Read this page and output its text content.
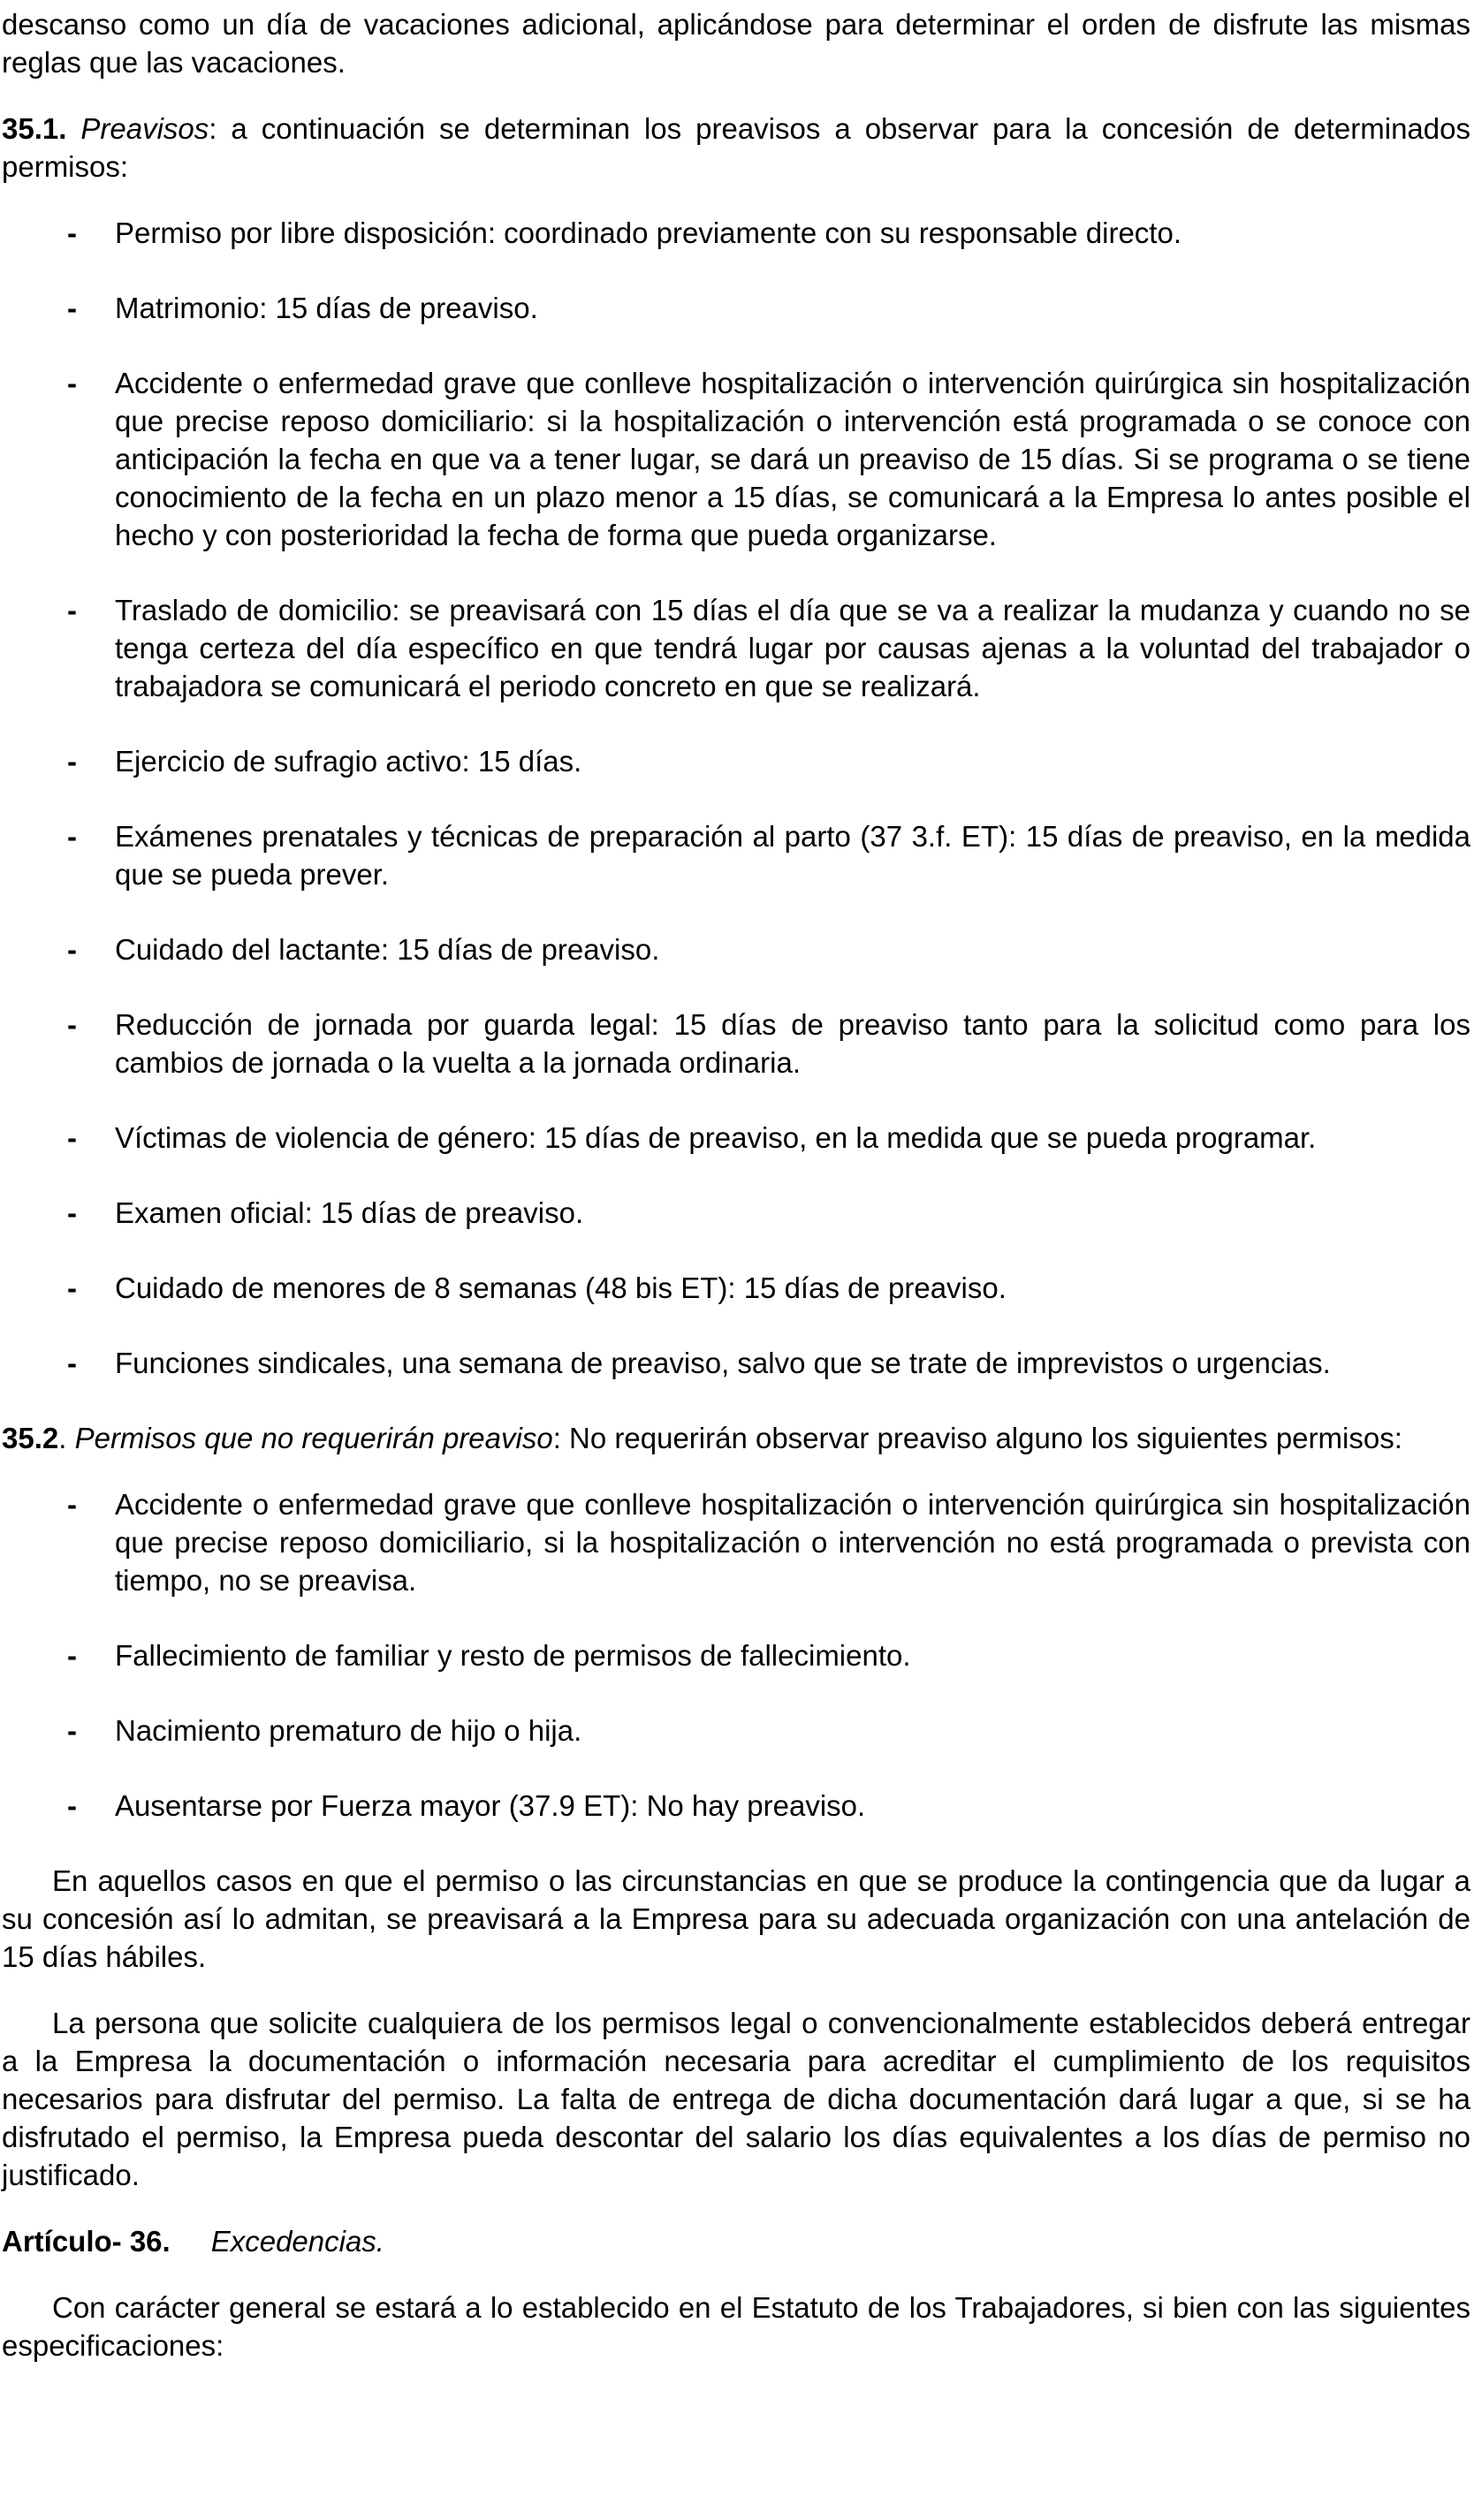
descanso como un día de vacaciones adicional, aplicándose para determinar el orden de disfrute las mismas reglas que las vacaciones.

35.1. Preavisos: a continuación se determinan los preavisos a observar para la concesión de determinados permisos:

- Permiso por libre disposición: coordinado previamente con su responsable directo.
- Matrimonio: 15 días de preaviso.
- Accidente o enfermedad grave que conlleve hospitalización o intervención quirúrgica sin hospitalización que precise reposo domiciliario: si la hospitalización o intervención está programada o se conoce con anticipación la fecha en que va a tener lugar, se dará un preaviso de 15 días. Si se programa o se tiene conocimiento de la fecha en un plazo menor a 15 días, se comunicará a la Empresa lo antes posible el hecho y con posterioridad la fecha de forma que pueda organizarse.
- Traslado de domicilio: se preavisará con 15 días el día que se va a realizar la mudanza y cuando no se tenga certeza del día específico en que tendrá lugar por causas ajenas a la voluntad del trabajador o trabajadora se comunicará el periodo concreto en que se realizará.
- Ejercicio de sufragio activo: 15 días.
- Exámenes prenatales y técnicas de preparación al parto (37 3.f. ET): 15 días de preaviso, en la medida que se pueda prever.
- Cuidado del lactante: 15 días de preaviso.
- Reducción de jornada por guarda legal: 15 días de preaviso tanto para la solicitud como para los cambios de jornada o la vuelta a la jornada ordinaria.
- Víctimas de violencia de género: 15 días de preaviso, en la medida que se pueda programar.
- Examen oficial: 15 días de preaviso.
- Cuidado de menores de 8 semanas (48 bis ET): 15 días de preaviso.
- Funciones sindicales, una semana de preaviso, salvo que se trate de imprevistos o urgencias.

35.2. Permisos que no requerirán preaviso: No requerirán observar preaviso alguno los siguientes permisos:

- Accidente o enfermedad grave que conlleve hospitalización o intervención quirúrgica sin hospitalización que precise reposo domiciliario, si la hospitalización o intervención no está programada o prevista con tiempo, no se preavisa.
- Fallecimiento de familiar y resto de permisos de fallecimiento.
- Nacimiento prematuro de hijo o hija.
- Ausentarse por Fuerza mayor (37.9 ET): No hay preaviso.

En aquellos casos en que el permiso o las circunstancias en que se produce la contingencia que da lugar a su concesión así lo admitan, se preavisará a la Empresa para su adecuada organización con una antelación de 15 días hábiles.

La persona que solicite cualquiera de los permisos legal o convencionalmente establecidos deberá entregar a la Empresa la documentación o información necesaria para acreditar el cumplimiento de los requisitos necesarios para disfrutar del permiso. La falta de entrega de dicha documentación dará lugar a que, si se ha disfrutado el permiso, la Empresa pueda descontar del salario los días equivalentes a los días de permiso no justificado.

Artículo- 36. Excedencias.

Con carácter general se estará a lo establecido en el Estatuto de los Trabajadores, si bien con las siguientes especificaciones:
